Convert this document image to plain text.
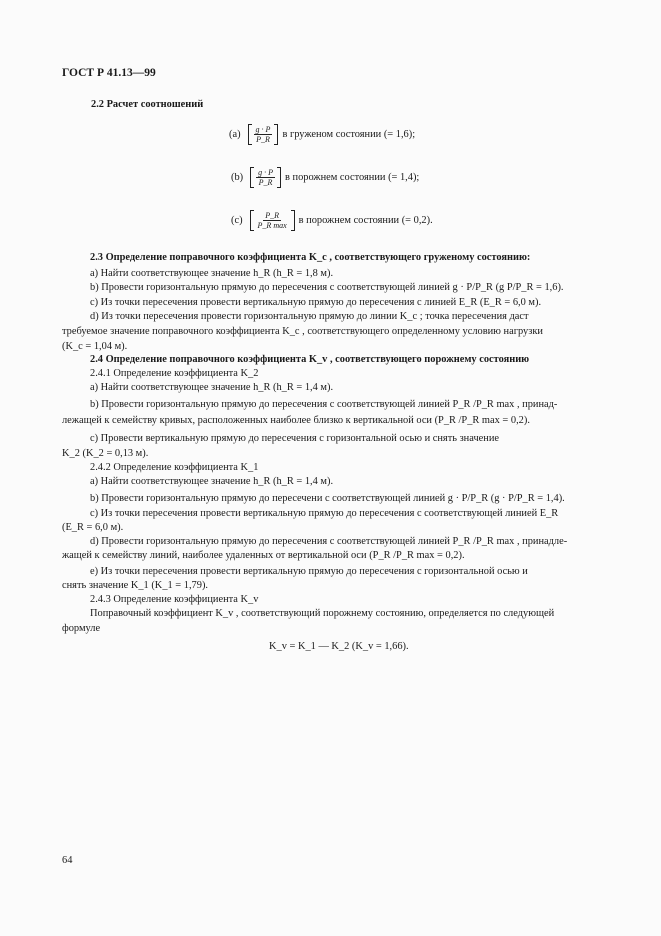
ГОСТ Р 41.13—99
2.2 Расчет соотношений
$(a) \frac{g \cdot P}{P\_R}$ в груженом состоянии (= 1,6);
$(b) \frac{g \cdot P}{P\_R}$ в порожнем состоянии (= 1,4);
$(c) \frac{P\_R}{\text{P\_R max}}$ в порожнем состоянии (= 0,2).
2.3 Определение поправочного коэффициента K_c , соответствующего груженому состоянию:
a) Найти соответствующее значение h_R (h_R = 1,8 м).
b) Провести горизонтальную прямую до пересечения с соответствующей линией g · P/P_R (g P/P_R = 1,6).
c) Из точки пересечения провести вертикальную прямую до пересечения с линией E_R (E_R = 6,0 м).
d) Из точки пересечения провести горизонтальную прямую до линии K_c ; точка пересечения даст
требуемое значение поправочного коэффициента K_c , соответствующего определенному условию нагрузки
(K_c = 1,04 м).
2.4 Определение поправочного коэффициента K_v , соответствующего порожнему состоянию
2.4.1 Определение коэффициента K_2
a) Найти соответствующее значение h_R (h_R = 1,4 м).
b) Провести горизонтальную прямую до пересечения с соответствующей линией P_R /P_R max , принад-
лежащей к семейству кривых, расположенных наиболее близко к вертикальной оси (P_R /P_R max = 0,2).
c) Провести вертикальную прямую до пересечения с горизонтальной осью и снять значение
K_2 (K_2 = 0,13 м).
2.4.2 Определение коэффициента K_1
a) Найти соответствующее значение h_R (h_R = 1,4 м).
b) Провести горизонтальную прямую до пересечени с соответствующей линией g · P/P_R (g · P/P_R = 1,4).
c) Из точки пересечения провести вертикальную прямую до пересечения с соответствующей линией E_R
(E_R = 6,0 м).
d) Провести горизонтальную прямую до пересечения с соответствующей линией P_R /P_R max , принадле-
жащей к семейству линий, наиболее удаленных от вертикальной оси (P_R /P_R max = 0,2).
e) Из точки пересечения провести вертикальную прямую до пересечения с горизонтальной осью и
снять значение K_1 (K_1 = 1,79).
2.4.3 Определение коэффициента K_v
Поправочный коэффициент K_v , соответствующий порожнему состоянию, определяется по следующей
формуле
K_v = K_1 — K_2 (K_v = 1,66).
64
